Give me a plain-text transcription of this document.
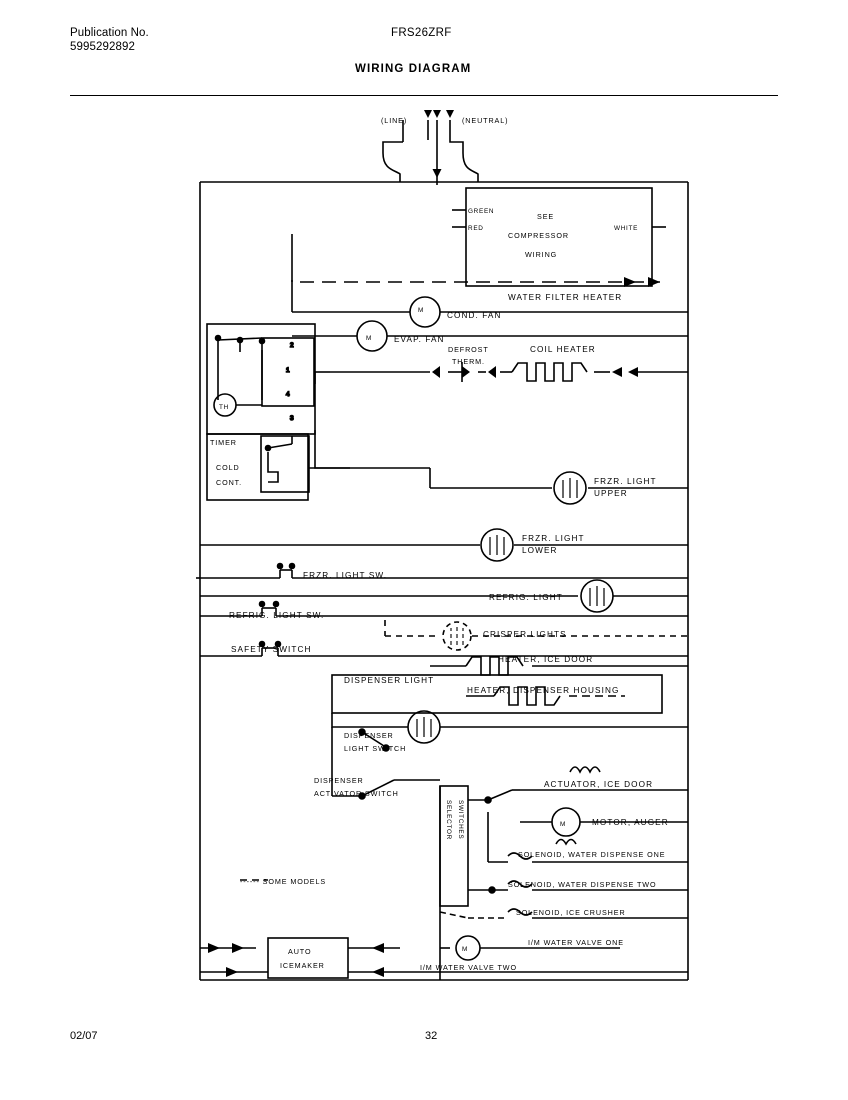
Publication No.
5995292892
FRS26ZRF
WIRING DIAGRAM
2
1
4
3
(LINE)	(NEUTRAL)
GREEN
RED	WHITE
SEE
COMPRESSOR
WIRING
WATER FILTER HEATER
COND. FAN
EVAP. FAN
M
M
DEFROST
THERM.
COIL HEATER
TIMER
TH
COLD
CONT.	FRZR. LIGHT
UPPER
FRZR. LIGHT
LOWER
FRZR. LIGHT SW.
REFRIG. LIGHT
REFRIG. LIGHT SW.
CRISPER LIGHTS
SAFETY SWITCH
HEATER, ICE DOOR
DISPENSER LIGHT
HEATER, DISPENSER HOUSING
DISPENSER
LIGHT SWITCH
DISPENSER
ACTIVATOR SWITCH
ACTUATOR, ICE DOOR
MOTOR, AUGER
M
SELECTOR SWITCHES
SOLENOID, WATER DISPENSE ONE
SOLENOID, WATER DISPENSE TWO
SOLENOID, ICE CRUSHER
I/M WATER VALVE ONE
I/M WATER VALVE TWO
M
AUTO
ICEMAKER
------ SOME MODELS
02/07	32
